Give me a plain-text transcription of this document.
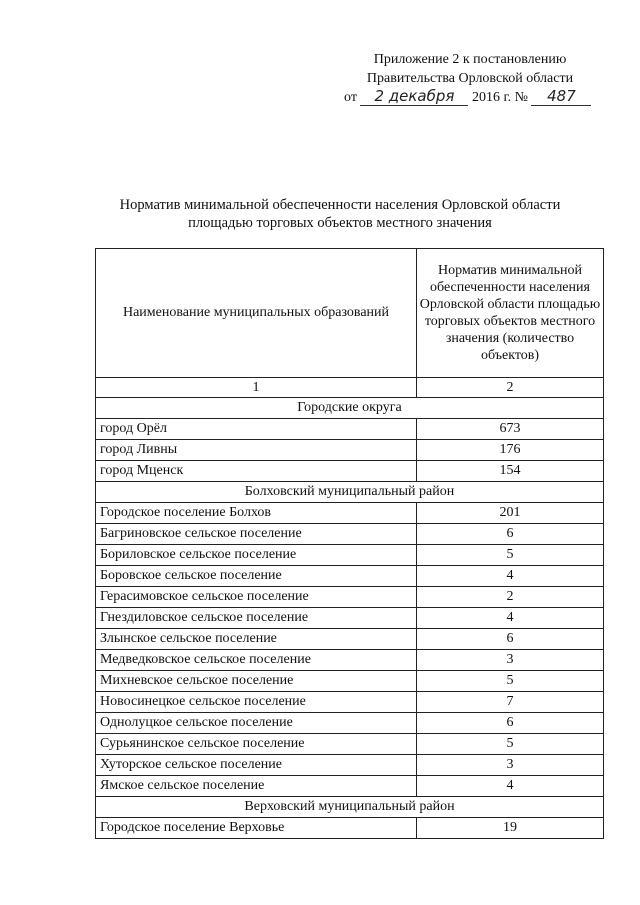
Приложение 2 к постановлению
Правительства Орловской области
от 2 декабря 2016 г. № 487
Норматив минимальной обеспеченности населения Орловской области
площадью торговых объектов местного значения
Наименование муниципальных образований	Норматив минимальной обеспеченности населения Орловской области площадью торговых объектов местного значения (количество объектов)
1	2
Городские округа	
город Орёл	673
город Ливны	176
город Мценск	154
Болховский муниципальный район	
Городское поселение Болхов	201
Багриновское сельское поселение	6
Бориловское сельское поселение	5
Боровское сельское поселение	4
Герасимовское сельское поселение	2
Гнездиловское сельское поселение	4
Злынское сельское поселение	6
Медведковское сельское поселение	3
Михневское сельское поселение	5
Новосинецкое сельское поселение	7
Однолуцкое сельское поселение	6
Сурьянинское сельское поселение	5
Хуторское сельское поселение	3
Ямское сельское поселение	4
Верховский муниципальный район	
Городское поселение Верховье	19
